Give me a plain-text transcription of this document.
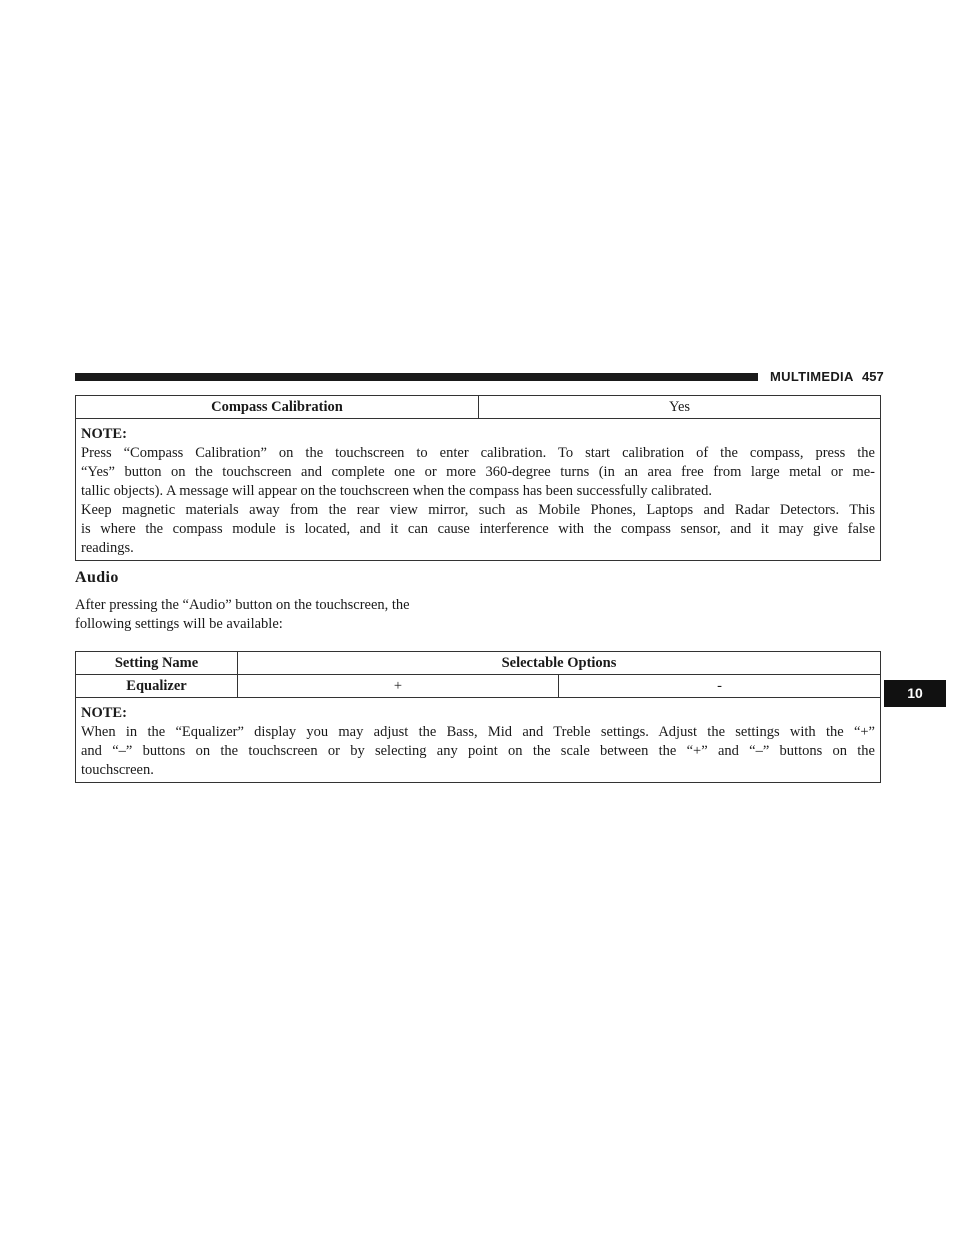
MULTIMEDIA 457
Compass Calibration	Yes
NOTE:
Press “Compass Calibration” on the touchscreen to enter calibration. To start calibration of the compass, press the
“Yes” button on the touchscreen and complete one or more 360-degree turns (in an area free from large metal or me-
tallic objects). A message will appear on the touchscreen when the compass has been successfully calibrated.
Keep magnetic materials away from the rear view mirror, such as Mobile Phones, Laptops and Radar Detectors. This
is where the compass module is located, and it can cause interference with the compass sensor, and it may give false
readings.
Audio
After pressing the “Audio” button on the touchscreen, the
following settings will be available:
Setting Name	Selectable Options
Equalizer	+	-
NOTE:
When in the “Equalizer” display you may adjust the Bass, Mid and Treble settings. Adjust the settings with the “+”
and “–” buttons on the touchscreen or by selecting any point on the scale between the “+” and “–” buttons on the
touchscreen.
10
